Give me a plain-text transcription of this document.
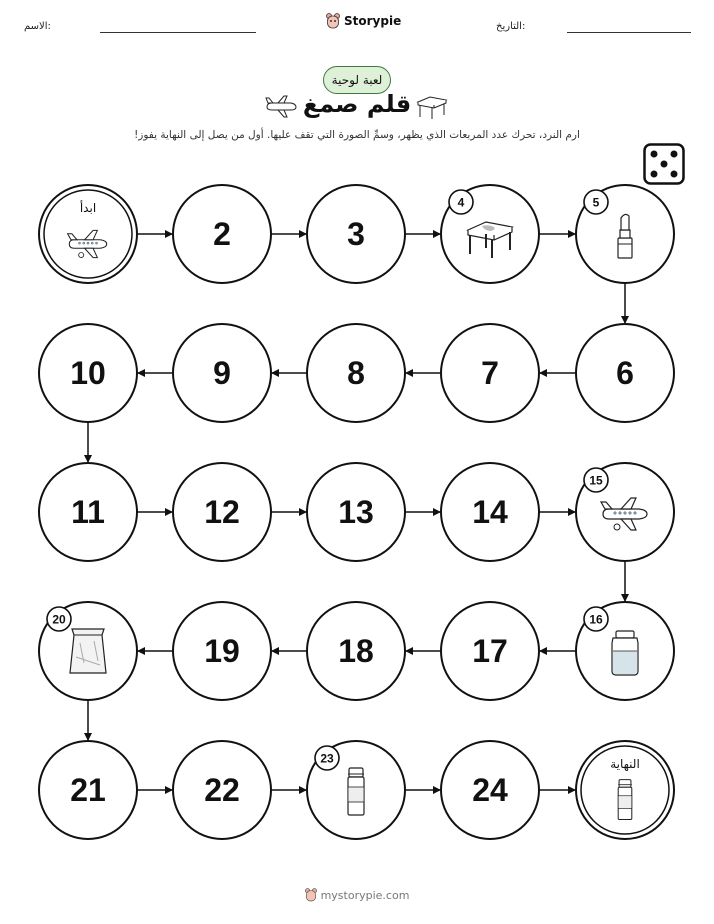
الاسم:	Storypie	التاريخ:
لعبة لوحية
قلم صمغ
ارم النرد، تحرك عدد المربعات الذي يظهر، وسمِّ الصورة التي تقف عليها. أول من يصل إلى النهاية يفوز!
ابدأ
2	3
4	5
6
7
8
9
10
11	12	13	14
15
16
17
18
19
20
21	22
23
24
النهاية
mystorypie.com
